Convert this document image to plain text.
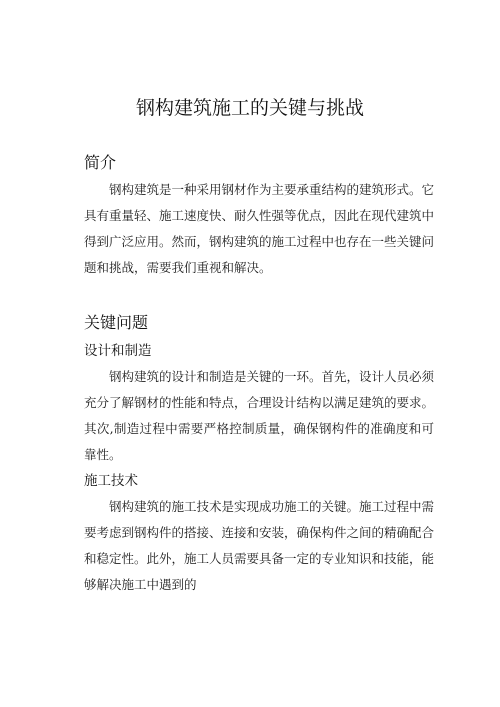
钢构建筑施工的关键与挑战
简介

钢构建筑是一种采用钢材作为主要承重结构的建筑形式。它具有重量轻、施工速度快、耐久性强等优点，因此在现代建筑中得到广泛应用。然而，钢构建筑的施工过程中也存在一些关键问题和挑战，需要我们重视和解决。

关键问题
设计和制造

钢构建筑的设计和制造是关键的一环。首先，设计人员必须充分了解钢材的性能和特点，合理设计结构以满足建筑的要求。其次,制造过程中需要严格控制质量，确保钢构件的准确度和可靠性。

施工技术

钢构建筑的施工技术是实现成功施工的关键。施工过程中需要考虑到钢构件的搭接、连接和安装，确保构件之间的精确配合和稳定性。此外，施工人员需要具备一定的专业知识和技能，能够解决施工中遇到的
